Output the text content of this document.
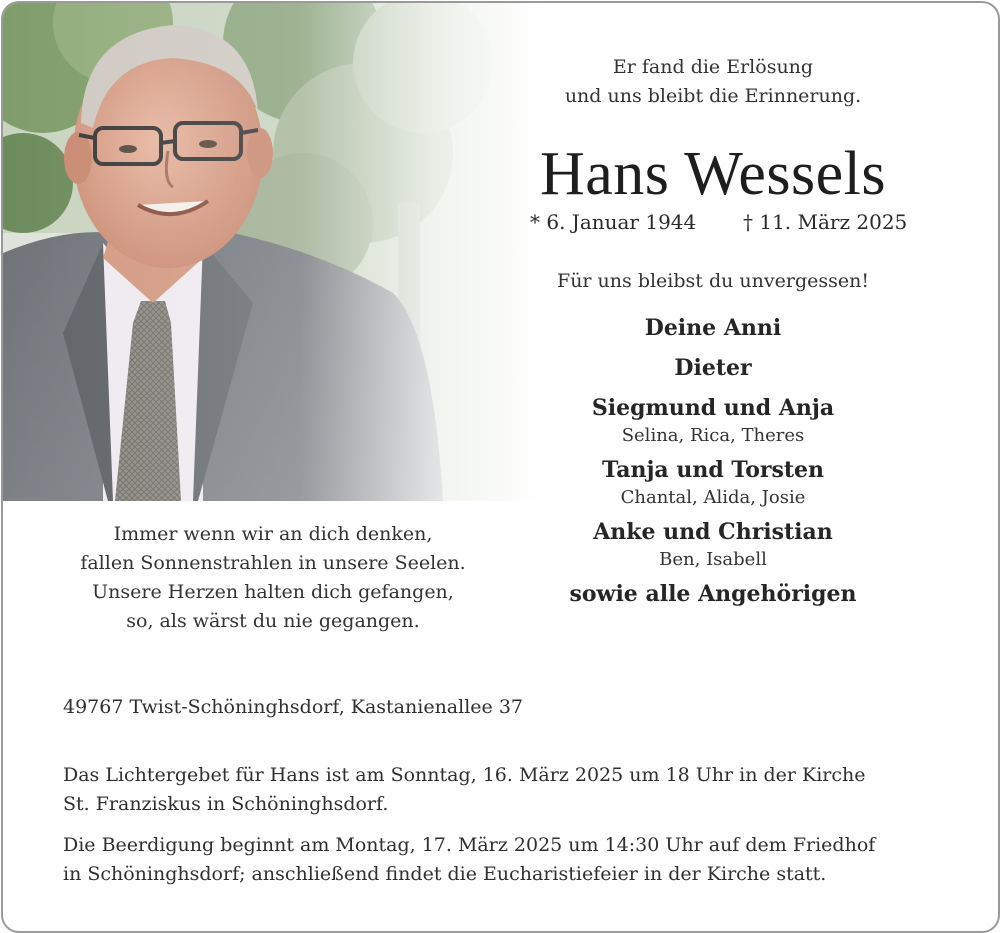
Er fand die Erlösung
und uns bleibt die Erinnerung.
Hans Wessels
* 6. Januar 1944 † 11. März 2025
Für uns bleibst du unvergessen!
Deine Anni
Dieter
Siegmund und Anja
Selina, Rica, Theres
Tanja und Torsten
Chantal, Alida, Josie
Anke und Christian
Ben, Isabell
sowie alle Angehörigen
Immer wenn wir an dich denken,
fallen Sonnenstrahlen in unsere Seelen.
Unsere Herzen halten dich gefangen,
so, als wärst du nie gegangen.
49767 Twist-Schöninghsdorf, Kastanienallee 37
Das Lichtergebet für Hans ist am Sonntag, 16. März 2025 um 18 Uhr in der Kirche
St. Franziskus in Schöninghsdorf.
Die Beerdigung beginnt am Montag, 17. März 2025 um 14:30 Uhr auf dem Friedhof
in Schöninghsdorf; anschließend findet die Eucharistiefeier in der Kirche statt.
